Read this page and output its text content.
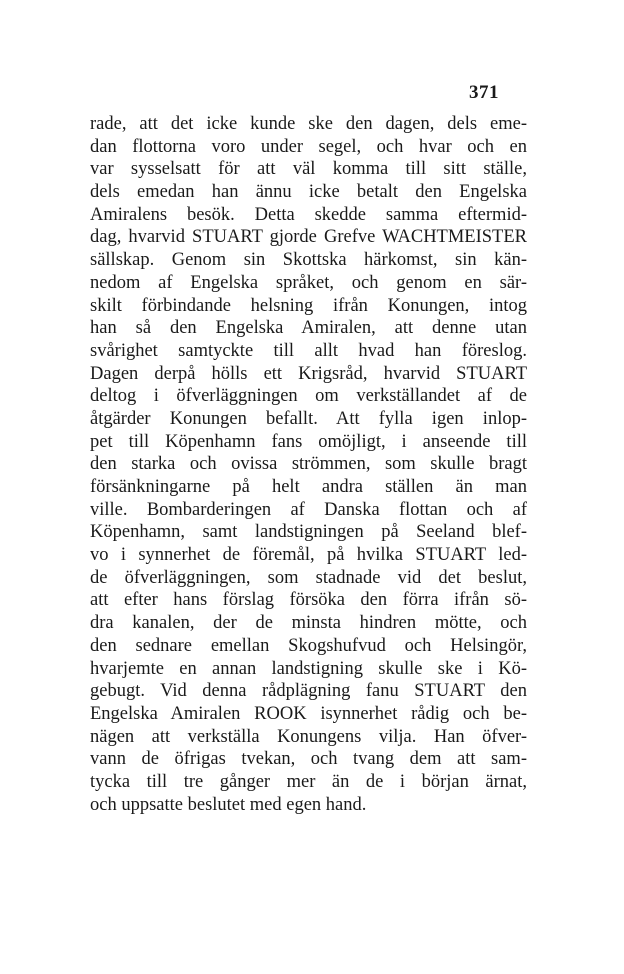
371
rade, att det icke kunde ske den dagen, dels eme-
dan flottorna voro under segel, och hvar och en
var sysselsatt för att väl komma till sitt ställe,
dels emedan han ännu icke betalt den Engelska
Amiralens besök. Detta skedde samma eftermid-
dag, hvarvid STUART gjorde Grefve WACHTMEISTER
sällskap. Genom sin Skottska härkomst, sin kän-
nedom af Engelska språket, och genom en sär-
skilt förbindande helsning ifrån Konungen, intog
han så den Engelska Amiralen, att denne utan
svårighet samtyckte till allt hvad han föreslog.
Dagen derpå hölls ett Krigsråd, hvarvid STUART
deltog i öfverläggningen om verkställandet af de
åtgärder Konungen befallt. Att fylla igen inlop-
pet till Köpenhamn fans omöjligt, i anseende till
den starka och ovissa strömmen, som skulle bragt
försänkningarne på helt andra ställen än man
ville. Bombarderingen af Danska flottan och af
Köpenhamn, samt landstigningen på Seeland blef-
vo i synnerhet de föremål, på hvilka STUART led-
de öfverläggningen, som stadnade vid det beslut,
att efter hans förslag försöka den förra ifrån sö-
dra kanalen, der de minsta hindren mötte, och
den sednare emellan Skogshufvud och Helsingör,
hvarjemte en annan landstigning skulle ske i Kö-
gebugt. Vid denna rådplägning fanu STUART den
Engelska Amiralen ROOK isynnerhet rådig och be-
nägen att verkställa Konungens vilja. Han öfver-
vann de öfrigas tvekan, och tvang dem att sam-
tycka till tre gånger mer än de i början ärnat,
och uppsatte beslutet med egen hand.
